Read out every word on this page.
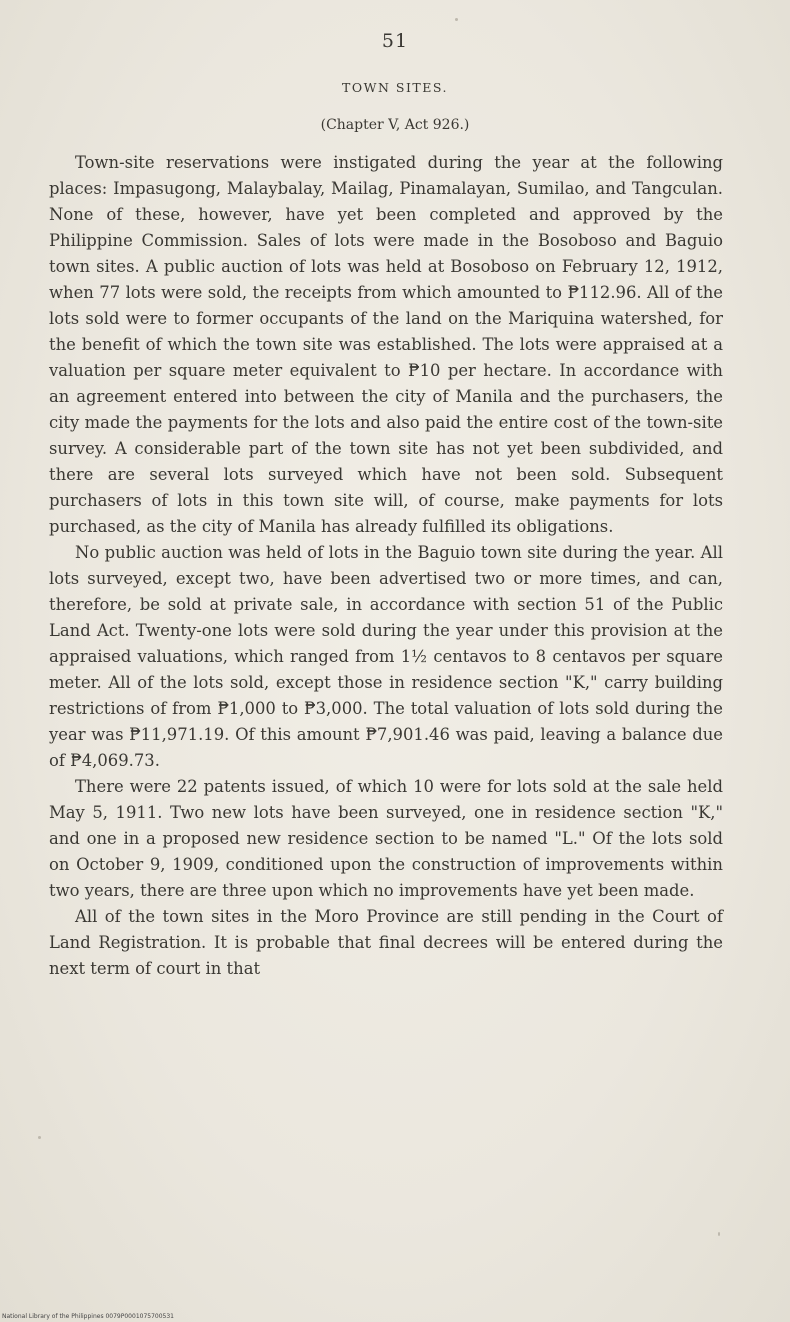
51
TOWN SITES.
(Chapter V, Act 926.)

Town-site reservations were instigated during the year at the following places: Impasugong, Malaybalay, Mailag, Pinamalayan, Sumilao, and Tangculan. None of these, however, have yet been completed and approved by the Philippine Commission. Sales of lots were made in the Bosoboso and Baguio town sites. A public auction of lots was held at Bosoboso on February 12, 1912, when 77 lots were sold, the receipts from which amounted to ₱112.96. All of the lots sold were to former occupants of the land on the Mariquina watershed, for the benefit of which the town site was established. The lots were appraised at a valuation per square meter equivalent to ₱10 per hectare. In accordance with an agreement entered into between the city of Manila and the purchasers, the city made the payments for the lots and also paid the entire cost of the town-site survey. A considerable part of the town site has not yet been subdivided, and there are several lots surveyed which have not been sold. Subsequent purchasers of lots in this town site will, of course, make payments for lots purchased, as the city of Manila has already fulfilled its obligations.

No public auction was held of lots in the Baguio town site during the year. All lots surveyed, except two, have been advertised two or more times, and can, therefore, be sold at private sale, in accordance with section 51 of the Public Land Act. Twenty-one lots were sold during the year under this provision at the appraised valuations, which ranged from 1½ centavos to 8 centavos per square meter. All of the lots sold, except those in residence section "K," carry building restrictions of from ₱1,000 to ₱3,000. The total valuation of lots sold during the year was ₱11,971.19. Of this amount ₱7,901.46 was paid, leaving a balance due of ₱4,069.73.

There were 22 patents issued, of which 10 were for lots sold at the sale held May 5, 1911. Two new lots have been surveyed, one in residence section "K," and one in a proposed new residence section to be named "L." Of the lots sold on October 9, 1909, conditioned upon the construction of improvements within two years, there are three upon which no improvements have yet been made.

All of the town sites in the Moro Province are still pending in the Court of Land Registration. It is probable that final decrees will be entered during the next term of court in that

National Library of the Philippines 0079P0001075700531
